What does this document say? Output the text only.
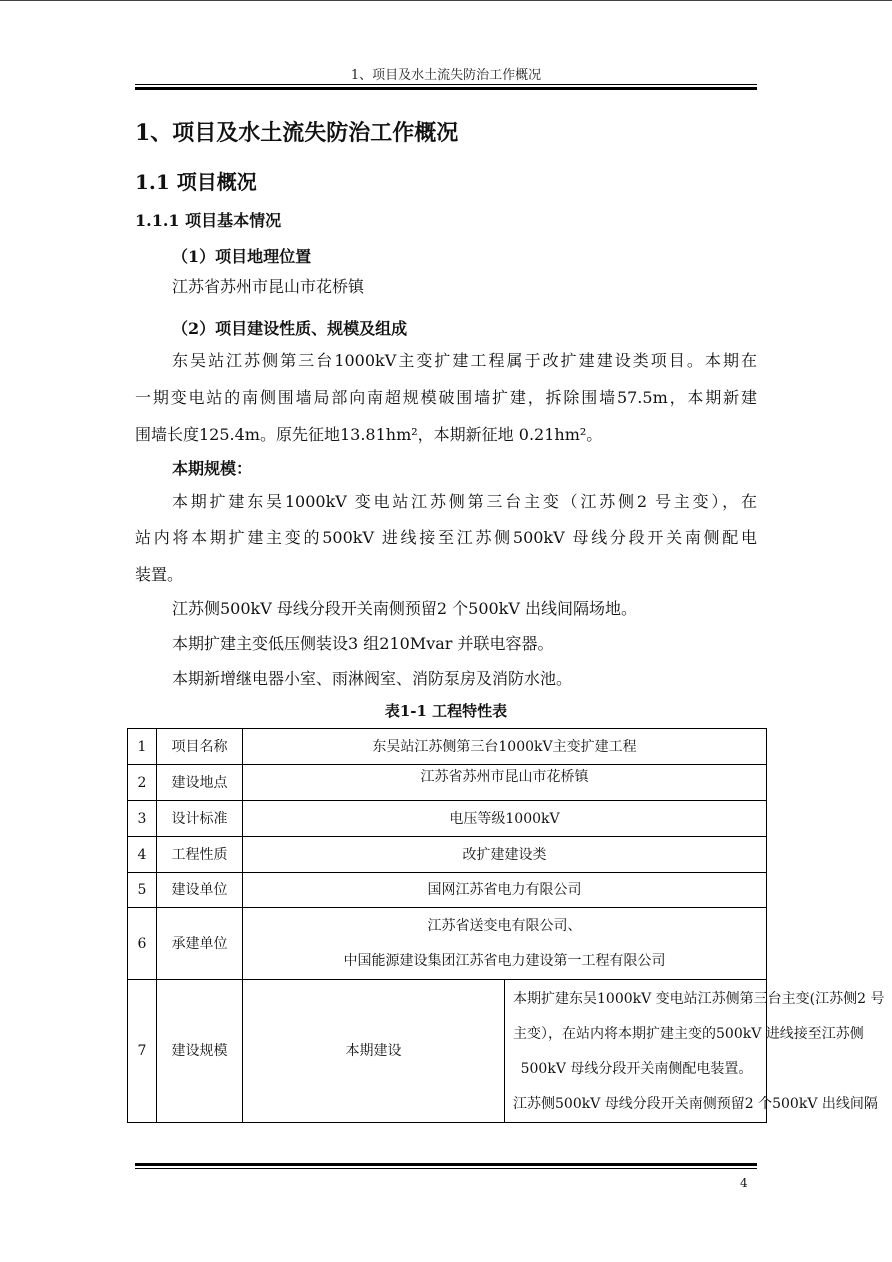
1、项目及水土流失防治工作概况
1、项目及水土流失防治工作概况
1.1 项目概况
1.1.1 项目基本情况
（1）项目地理位置
江苏省苏州市昆山市花桥镇
（2）项目建设性质、规模及组成
东吴站江苏侧第三台1000kV主变扩建工程属于改扩建建设类项目。本期在
一期变电站的南侧围墙局部向南超规模破围墙扩建，拆除围墙57.5m，本期新建
围墙长度125.4m。原先征地13.81hm²，本期新征地 0.21hm²。
本期规模：
本期扩建东吴1000kV 变电站江苏侧第三台主变（江苏侧2 号主变），在
站内将本期扩建主变的500kV 进线接至江苏侧500kV 母线分段开关南侧配电
装置。
江苏侧500kV 母线分段开关南侧预留2 个500kV 出线间隔场地。
本期扩建主变低压侧装设3 组210Mvar 并联电容器。
本期新增继电器小室、雨淋阀室、消防泵房及消防水池。
表1-1 工程特性表
1	项目名称	东吴站江苏侧第三台1000kV主变扩建工程	
2	建设地点	江苏省苏州市昆山市花桥镇	
3	设计标准	电压等级1000kV	
4	工程性质	改扩建建设类	
5	建设单位	国网江苏省电力有限公司	
6	承建单位	江苏省送变电有限公司、
中国能源建设集团江苏省电力建设第一工程有限公司	

7	建设规模	本期建设	本期扩建东吴1000kV 变电站江苏侧第三台主变(江苏侧2 号
主变），在站内将本期扩建主变的500kV 进线接至江苏侧
500kV 母线分段开关南侧配电装置。
江苏侧500kV 母线分段开关南侧预留2 个500kV 出线间隔
4
